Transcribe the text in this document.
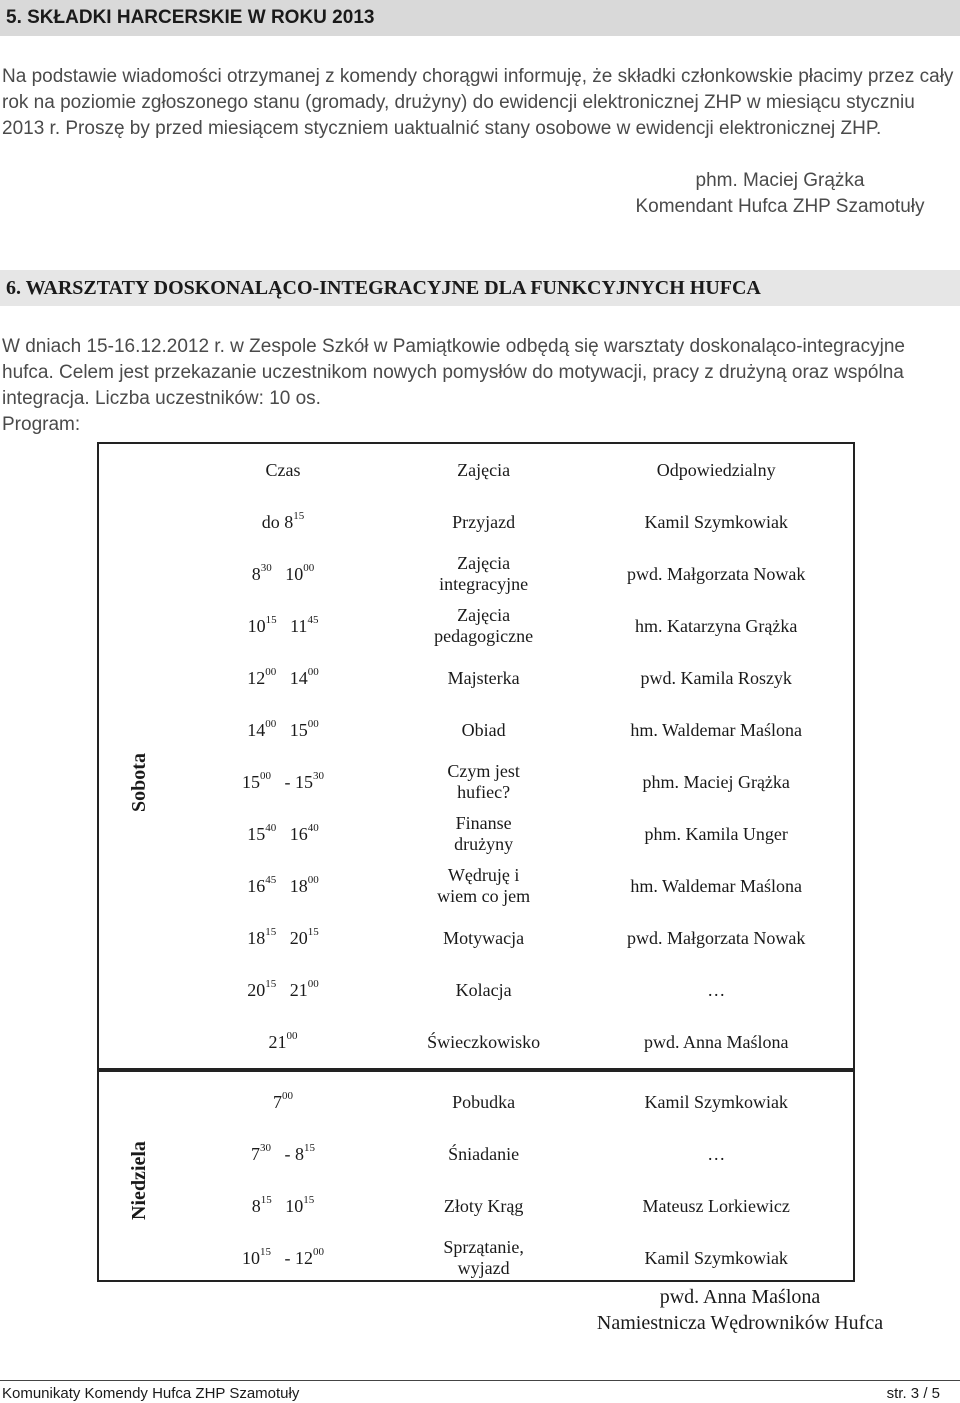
5. SKŁADKI HARCERSKIE W ROKU 2013

Na podstawie wiadomości otrzymanej z komendy chorągwi informuję, że składki członkowskie płacimy przez cały rok na poziomie zgłoszonego stanu (gromady, drużyny) do ewidencji elektronicznej ZHP w miesiącu styczniu 2013 r. Proszę by przed miesiącem styczniem uaktualnić stany osobowe w ewidencji elektronicznej ZHP.

phm. Maciej Grążka
Komendant Hufca ZHP Szamotuły
6. WARSZTATY DOSKONALĄCO-INTEGRACYJNE DLA FUNKCYJNYCH HUFCA

W dniach 15-16.12.2012 r. w Zespole Szkół w Pamiątkowie odbędą się warsztaty doskonaląco-integracyjne hufca. Celem jest przekazanie uczestnikom nowych pomysłów do motywacji, pracy z drużyną oraz wspólna integracja. Liczba uczestników: 10 os.

Program:

	Czas	Zajęcia	Odpowiedzialny
Sobota	do $8^{15}$	Przyjazd	Kamil Szymkowiak
	$8^{30}$ $10^{00}$	Zajęcia integracyjne	pwd. Małgorzata Nowak
	$10^{15}$ $11^{45}$	Zajęcia pedagogiczne	hm. Katarzyna Grążka
	$12^{00}$ $14^{00}$	Majsterka	pwd. Kamila Roszyk
	$14^{00}$ $15^{00}$	Obiad	hm. Waldemar Maślona
	$15^{00} - 15^{30}$	Czym jest hufiec?	phm. Maciej Grążka
	$15^{40}$ $16^{40}$	Finanse drużyny	phm. Kamila Unger
	$16^{45}$ $18^{00}$	Wędruję i wiem co jem	hm. Waldemar Maślona
	$18^{15}$ $20^{15}$	Motywacja	pwd. Małgorzata Nowak
	$20^{15}$ $21^{00}$	Kolacja	…
	$21^{00}$	Świeczkowisko	pwd. Anna Maślona

Niedziela	$7^{00}$	Pobudka	Kamil Szymkowiak
	$7^{30} - 8^{15}$	Śniadanie	…
	$8^{15}$ $10^{15}$	Złoty Krąg	Mateusz Lorkiewicz
	$10^{15} - 12^{00}$	Sprzątanie, wyjazd	Kamil Szymkowiak
pwd. Anna Maślona
Namiestnicza Wędrowników Hufca
Komunikaty Komendy Hufca ZHP Szamotuły	str. 3 / 5
